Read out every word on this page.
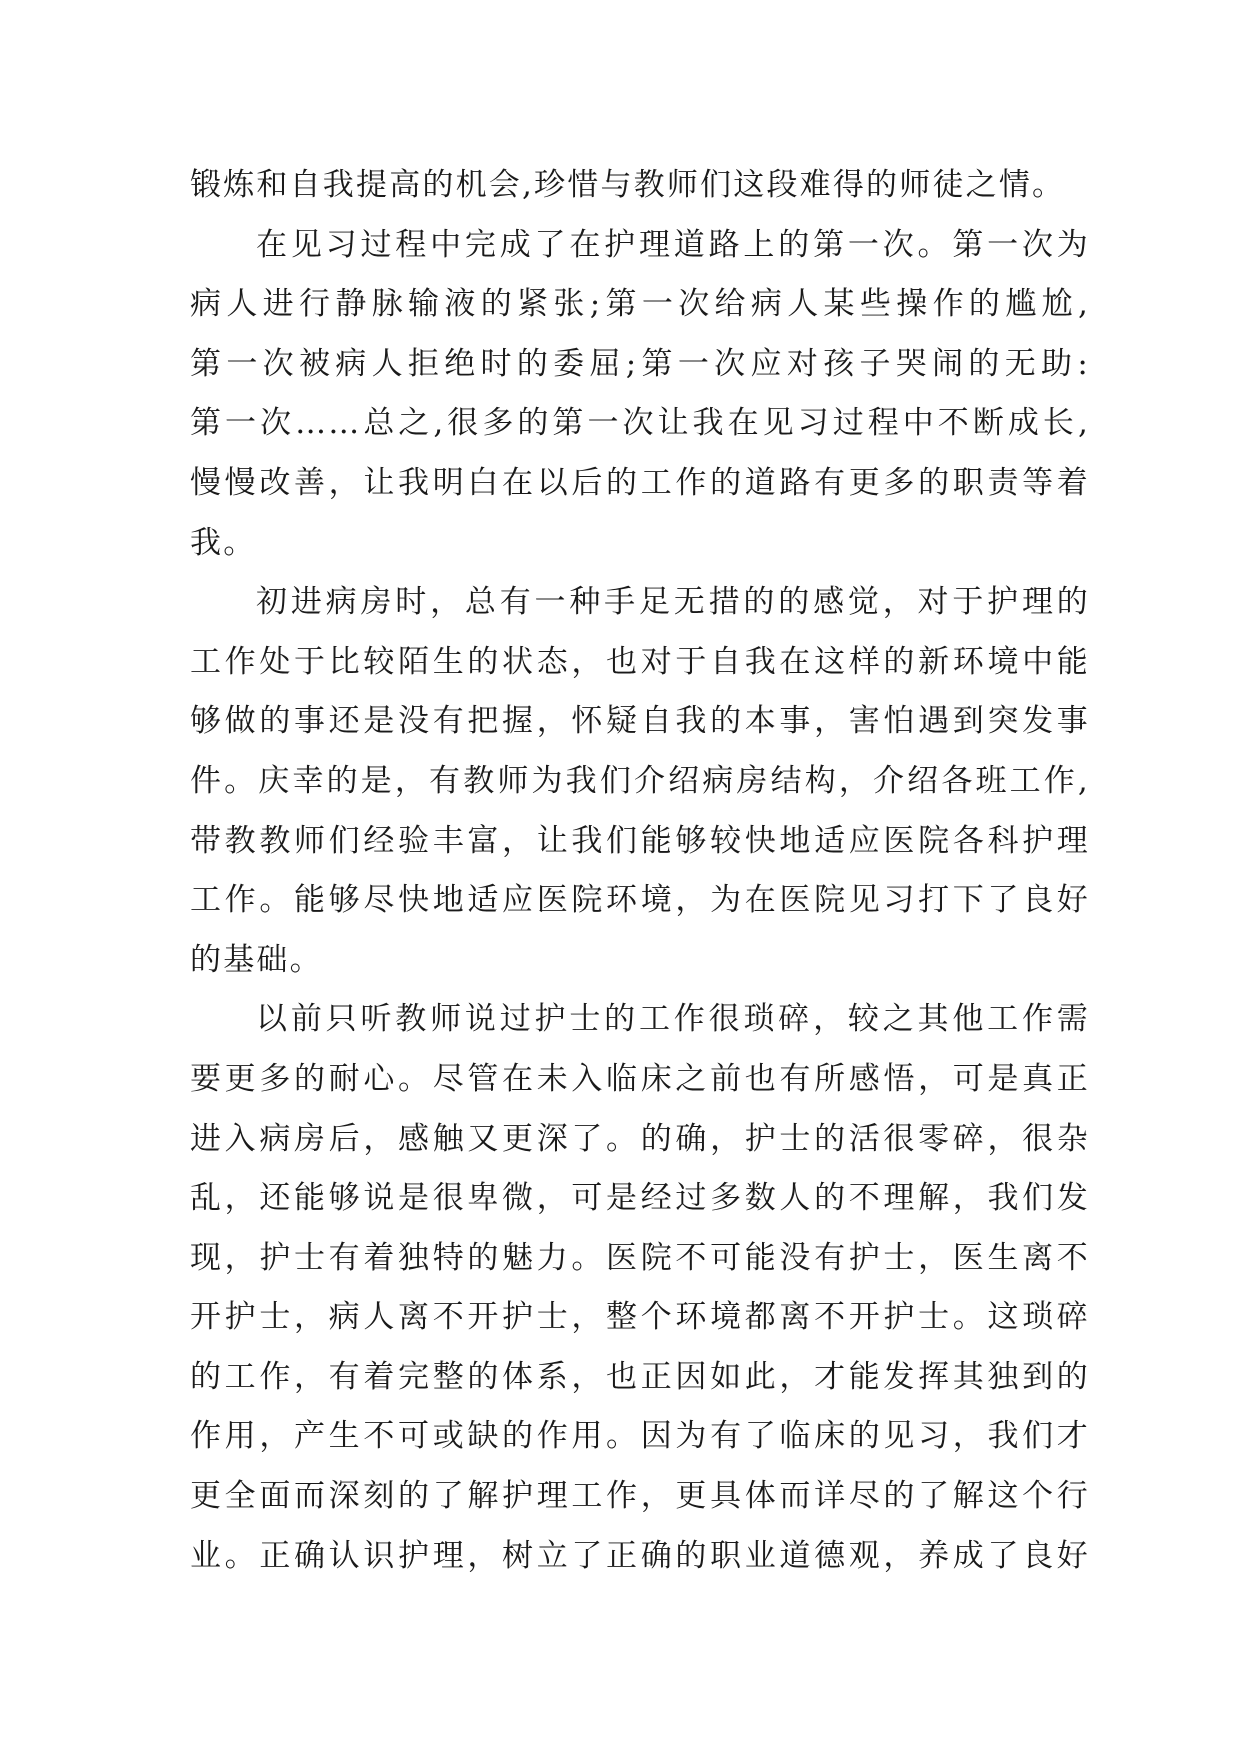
锻炼和自我提高的机会,珍惜与教师们这段难得的师徒之情。
在见习过程中完成了在护理道路上的第一次。第一次为
病人进行静脉输液的紧张;第一次给病人某些操作的尴尬,
第一次被病人拒绝时的委屈;第一次应对孩子哭闹的无助:
第一次……总之,很多的第一次让我在见习过程中不断成长,
慢慢改善，让我明白在以后的工作的道路有更多的职责等着
我。
初进病房时，总有一种手足无措的的感觉，对于护理的
工作处于比较陌生的状态，也对于自我在这样的新环境中能
够做的事还是没有把握，怀疑自我的本事，害怕遇到突发事
件。庆幸的是，有教师为我们介绍病房结构，介绍各班工作,
带教教师们经验丰富，让我们能够较快地适应医院各科护理
工作。能够尽快地适应医院环境，为在医院见习打下了良好
的基础。
以前只听教师说过护士的工作很琐碎，较之其他工作需
要更多的耐心。尽管在未入临床之前也有所感悟，可是真正
进入病房后，感触又更深了。的确，护士的活很零碎，很杂
乱，还能够说是很卑微，可是经过多数人的不理解，我们发
现，护士有着独特的魅力。医院不可能没有护士，医生离不
开护士，病人离不开护士，整个环境都离不开护士。这琐碎
的工作，有着完整的体系，也正因如此，才能发挥其独到的
作用，产生不可或缺的作用。因为有了临床的见习，我们才
更全面而深刻的了解护理工作，更具体而详尽的了解这个行
业。正确认识护理，树立了正确的职业道德观，养成了良好
